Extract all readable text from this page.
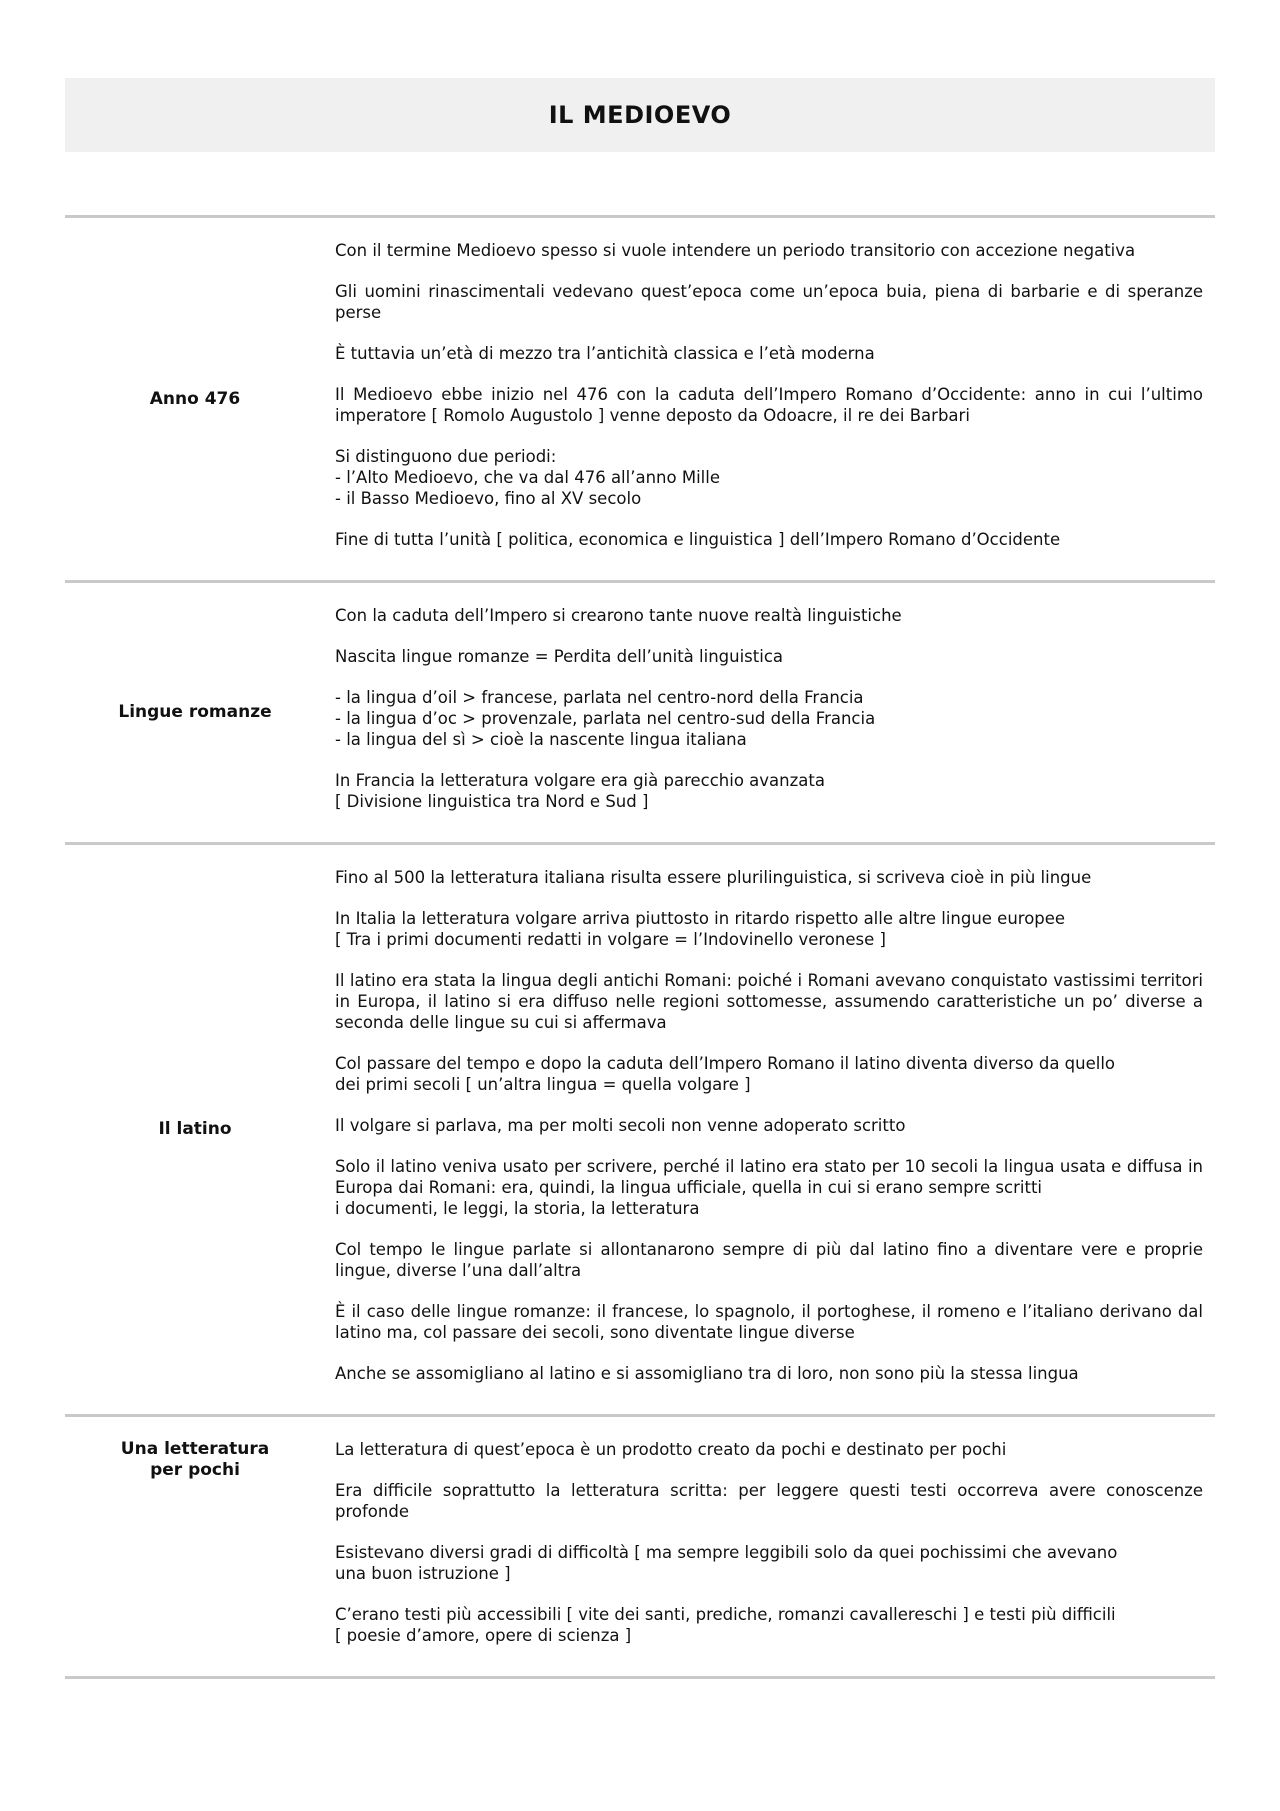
IL MEDIOEVO
Anno 476

Con il termine Medioevo spesso si vuole intendere un periodo transitorio con accezione negativa

Gli uomini rinascimentali vedevano quest’epoca come un’epoca buia, piena di barbarie e di speranze perse

È tuttavia un’età di mezzo tra l’antichità classica e l’età moderna

Il Medioevo ebbe inizio nel 476 con la caduta dell’Impero Romano d’Occidente: anno in cui l’ultimo imperatore [ Romolo Augustolo ] venne deposto da Odoacre, il re dei Barbari

Si distinguono due periodi:
- l’Alto Medioevo, che va dal 476 all’anno Mille
- il Basso Medioevo, fino al XV secolo

Fine di tutta l’unità [ politica, economica e linguistica ] dell’Impero Romano d’Occidente

Lingue romanze

Con la caduta dell’Impero si crearono tante nuove realtà linguistiche

Nascita lingue romanze = Perdita dell’unità linguistica

- la lingua d’oil > francese, parlata nel centro-nord della Francia
- la lingua d’oc > provenzale, parlata nel centro-sud della Francia
- la lingua del sì > cioè la nascente lingua italiana

In Francia la letteratura volgare era già parecchio avanzata
[ Divisione linguistica tra Nord e Sud ]

Il latino

Fino al 500 la letteratura italiana risulta essere plurilinguistica, si scriveva cioè in più lingue

In Italia la letteratura volgare arriva piuttosto in ritardo rispetto alle altre lingue europee
[ Tra i primi documenti redatti in volgare = l’Indovinello veronese ]

Il latino era stata la lingua degli antichi Romani: poiché i Romani avevano conquistato vastissimi territori in Europa, il latino si era diffuso nelle regioni sottomesse, assumendo caratteristiche un po’ diverse a seconda delle lingue su cui si affermava

Col passare del tempo e dopo la caduta dell’Impero Romano il latino diventa diverso da quello
dei primi secoli [ un’altra lingua = quella volgare ]

Il volgare si parlava, ma per molti secoli non venne adoperato scritto

Solo il latino veniva usato per scrivere, perché il latino era stato per 10 secoli la lingua usata e diffusa in Europa dai Romani: era, quindi, la lingua ufficiale, quella in cui si erano sempre scritti
i documenti, le leggi, la storia, la letteratura

Col tempo le lingue parlate si allontanarono sempre di più dal latino fino a diventare vere e proprie lingue, diverse l’una dall’altra

È il caso delle lingue romanze: il francese, lo spagnolo, il portoghese, il romeno e l’italiano derivano dal latino ma, col passare dei secoli, sono diventate lingue diverse

Anche se assomigliano al latino e si assomigliano tra di loro, non sono più la stessa lingua

Una letteratura
per pochi

La letteratura di quest’epoca è un prodotto creato da pochi e destinato per pochi

Era difficile soprattutto la letteratura scritta: per leggere questi testi occorreva avere conoscenze profonde

Esistevano diversi gradi di difficoltà [ ma sempre leggibili solo da quei pochissimi che avevano
una buon istruzione ]

C’erano testi più accessibili [ vite dei santi, prediche, romanzi cavallereschi ] e testi più difficili
[ poesie d’amore, opere di scienza ]
